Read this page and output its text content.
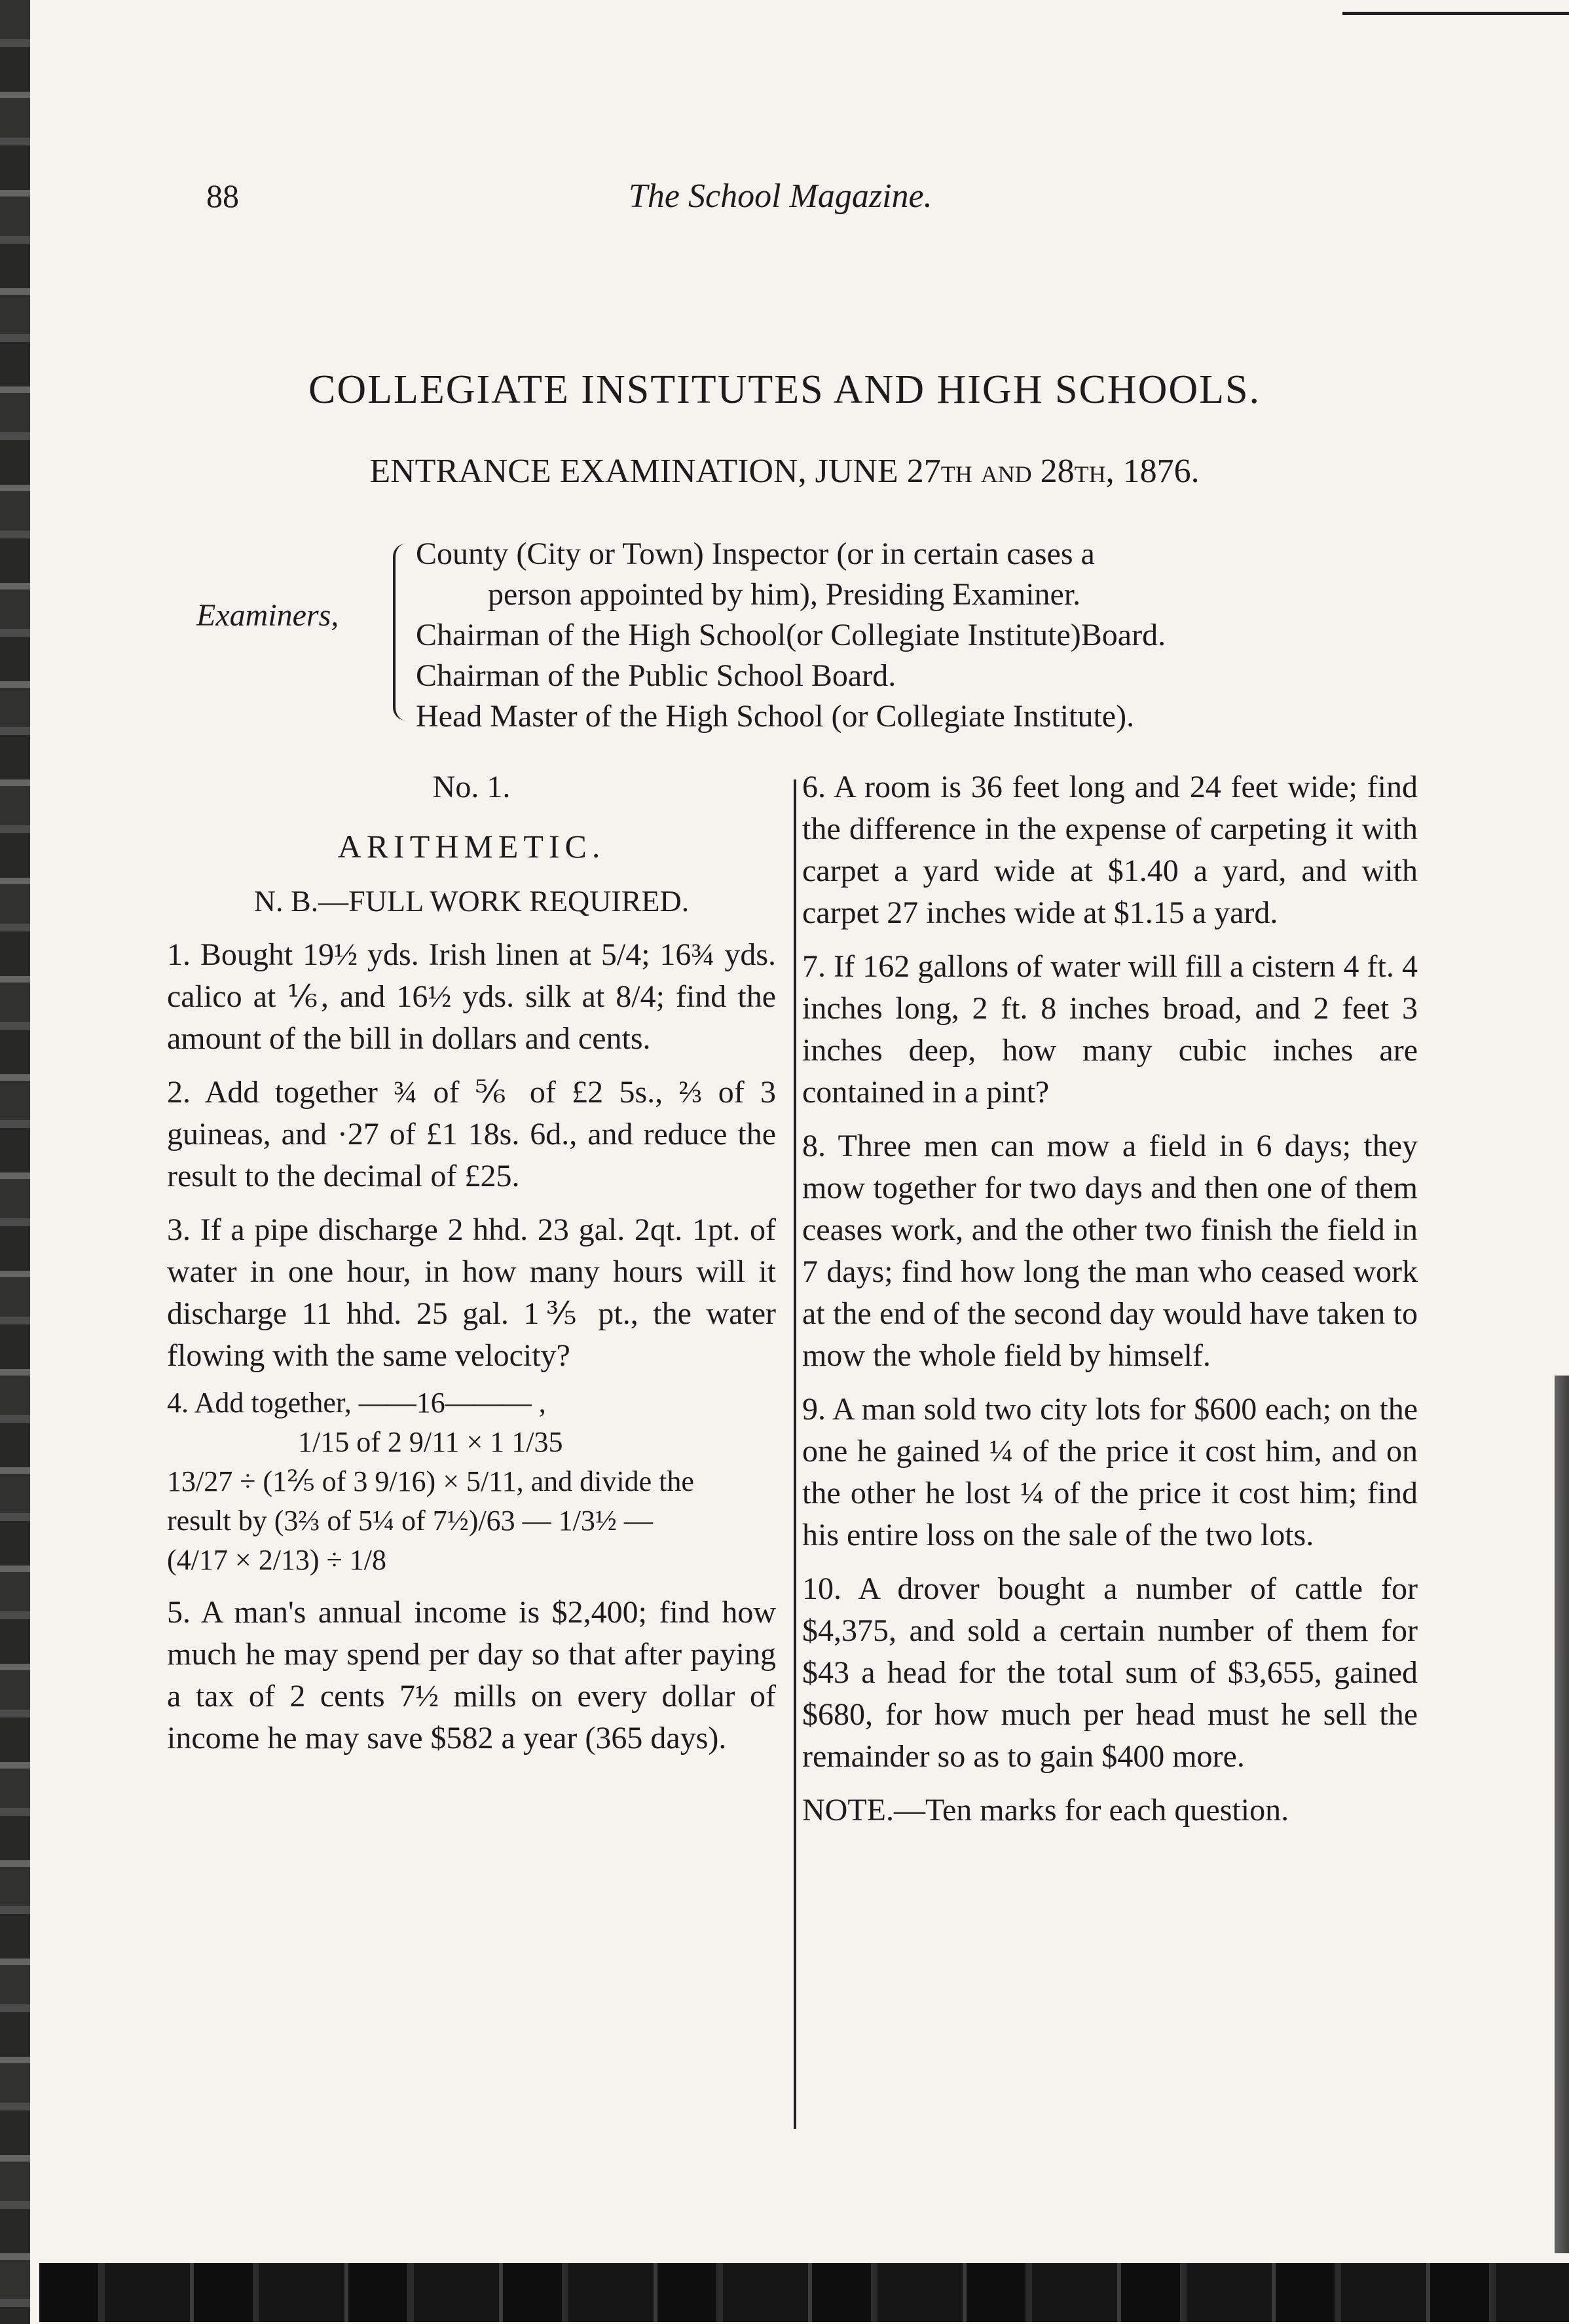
88	The School Magazine.
COLLEGIATE INSTITUTES AND HIGH SCHOOLS.
ENTRANCE EXAMINATION, JUNE 27th and 28th, 1876.
Examiners,
County (City or Town) Inspector (or in certain cases a
person appointed by him), Presiding Examiner.
Chairman of the High School(or Collegiate Institute)Board.
Chairman of the Public School Board.
Head Master of the High School (or Collegiate Institute).
No. 1.
ARITHMETIC.
N. B.—FULL WORK REQUIRED.
1. Bought 19½ yds. Irish linen at 5/4; 16¾ yds. calico at ⅙, and 16½ yds. silk at 8/4; find the amount of the bill in dollars and cents.
2. Add together ¾ of ⅚ of £2 5s., ⅔ of 3 guineas, and ·27 of £1 18s. 6d., and reduce the result to the decimal of £25.
3. If a pipe discharge 2 hhd. 23 gal. 2qt. 1pt. of water in one hour, in how many hours will it discharge 11 hhd. 25 gal. 1⅗ pt., the water flowing with the same velocity?
4. Add together, ——16——— ,
1/15 of 2 9/11 × 1 1/35
13/27 ÷ (1⅖ of 3 9/16) × 5/11, and divide the
result by (3⅔ of 5¼ of 7½)/63 — 1/3½ —
(4/17 × 2/13) ÷ 1/8
5. A man's annual income is $2,400; find how much he may spend per day so that after paying a tax of 2 cents 7½ mills on every dollar of income he may save $582 a year (365 days).
6. A room is 36 feet long and 24 feet wide; find the difference in the expense of carpeting it with carpet a yard wide at $1.40 a yard, and with carpet 27 inches wide at $1.15 a yard.
7. If 162 gallons of water will fill a cistern 4 ft. 4 inches long, 2 ft. 8 inches broad, and 2 feet 3 inches deep, how many cubic inches are contained in a pint?
8. Three men can mow a field in 6 days; they mow together for two days and then one of them ceases work, and the other two finish the field in 7 days; find how long the man who ceased work at the end of the second day would have taken to mow the whole field by himself.
9. A man sold two city lots for $600 each; on the one he gained ¼ of the price it cost him, and on the other he lost ¼ of the price it cost him; find his entire loss on the sale of the two lots.
10. A drover bought a number of cattle for $4,375, and sold a certain number of them for $43 a head for the total sum of $3,655, gained $680, for how much per head must he sell the remainder so as to gain $400 more.
NOTE.—Ten marks for each question.
